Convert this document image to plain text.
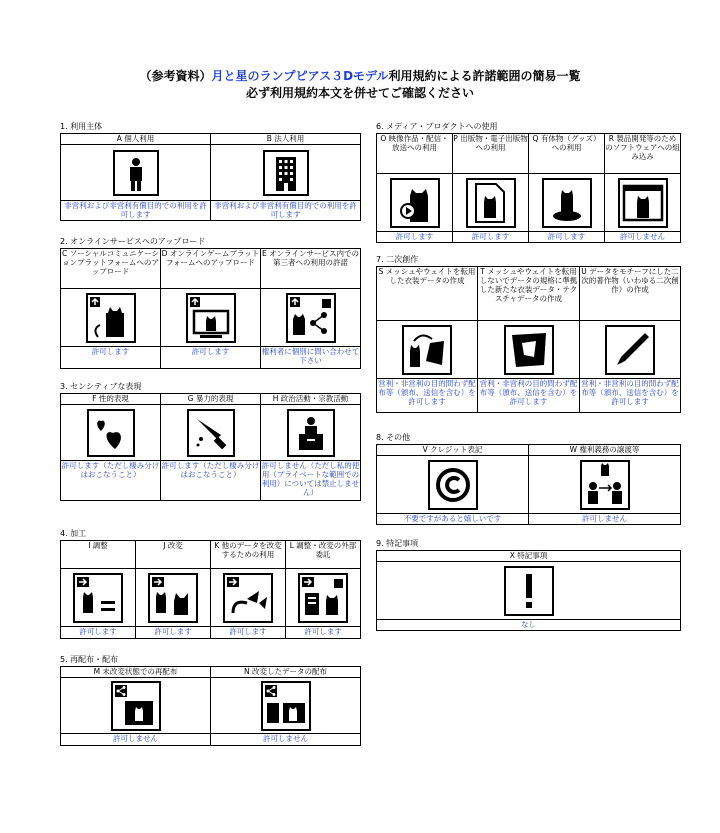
（参考資料）月と星のランプピアス３Dモデル利用規約による許諾範囲の簡易一覧
必ず利用規約本文を併せてご確認ください
1. 利用主体
A 個人利用	B 法人利用

非営利および非営利有償目的での利用を許可します	非営利および非営利有償目的での利用を許可します
2. オンラインサービスへのアップロード
C ソーシャルコミュニケーションプラットフォームへのアップロード	D オンラインゲームプラットフォームへのアップロード	E オンラインサービス内での第三者への利用の許諾

許可します	許可します	権利者に個別に問い合わせて下さい
3. センシティブな表現
F 性的表現	G 暴力的表現	H 政治活動・宗教活動

許可します（ただし棲み分けはおこなうこと）	許可します（ただし棲み分けはおこなうこと）	許可しません（ただし私的使用（プライベートな範囲での利用）については禁止しません）
4. 加工
I 調整	J 改変	K 他のデータを改変するための利用	L 調整・改変の外部委託

許可します	許可します	許可します	許可します
5. 再配布・配布
M 未改変状態での再配布	N 改変したデータの配布

許可しません	許可しません
6. メディア・プロダクトへの使用
O 映像作品・配信・放送への利用	P 出版物・電子出版物への利用	Q 有体物（グッズ）への利用	R 製品開発等のためのソフトウェアへの組み込み

許可します	許可します	許可します	許可しません
7. 二次創作
S メッシュやウェイトを転用した衣装データの作成	T メッシュやウェイトを転用しないでデータの規格に準拠した新たな衣装データ・テクスチャデータの作成	U データをモチーフにした二次的著作物（いわゆる二次創作）の作成

営利・非営利の目的問わず配布等（頒布、送信を含む）を許可します	営利・非営利の目的問わず配布等（頒布、送信を含む）を許可します	営利・非営利の目的問わず配布等（頒布、送信を含む）を許可します
8. その他
V クレジット表記	W 権利義務の譲渡等

不要ですがあると嬉しいです	許可しません
9. 特記事項
X 特記事項

なし
